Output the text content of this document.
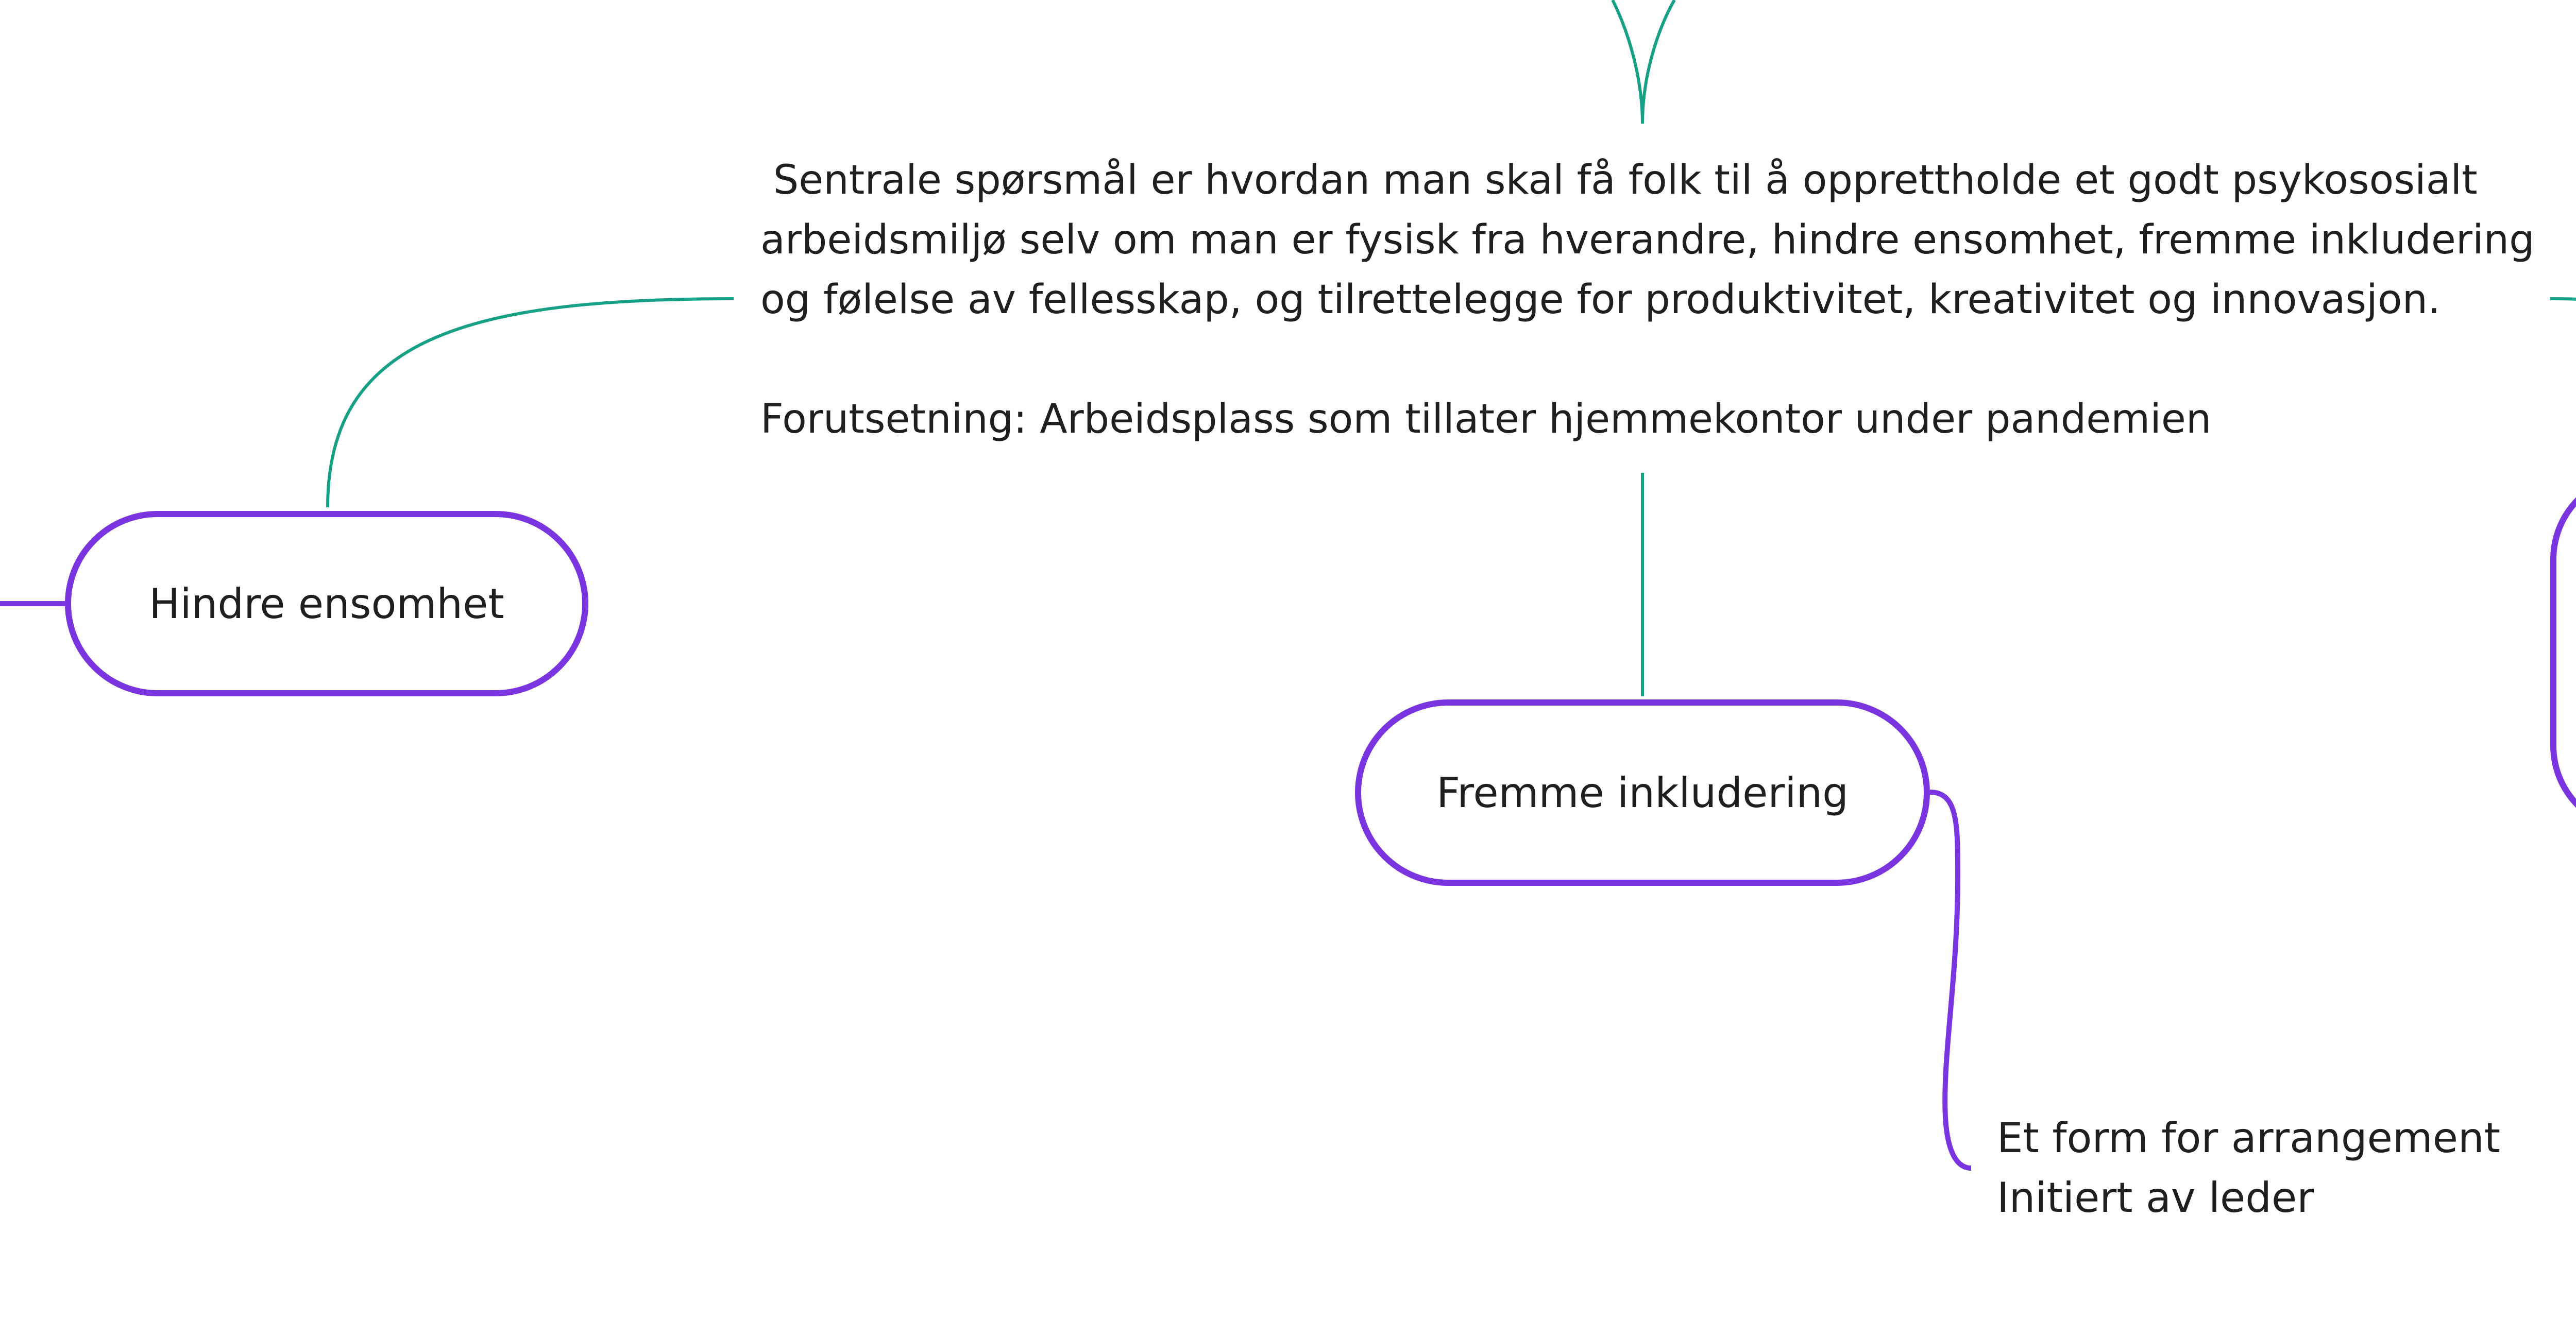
Sentrale spørsmål er hvordan man skal få folk til å opprettholde et godt psykososialt arbeidsmiljø selv om man er fysisk fra hverandre, hindre ensomhet, fremme inkludering og følelse av fellesskap, og tilrettelegge for produktivitet, kreativitet og innovasjon.

Forutsetning: Arbeidsplass som tillater hjemmekontor under pandemien

Hindre ensomhet
Fremme inkludering
Et form for arrangement
Initiert av leder
